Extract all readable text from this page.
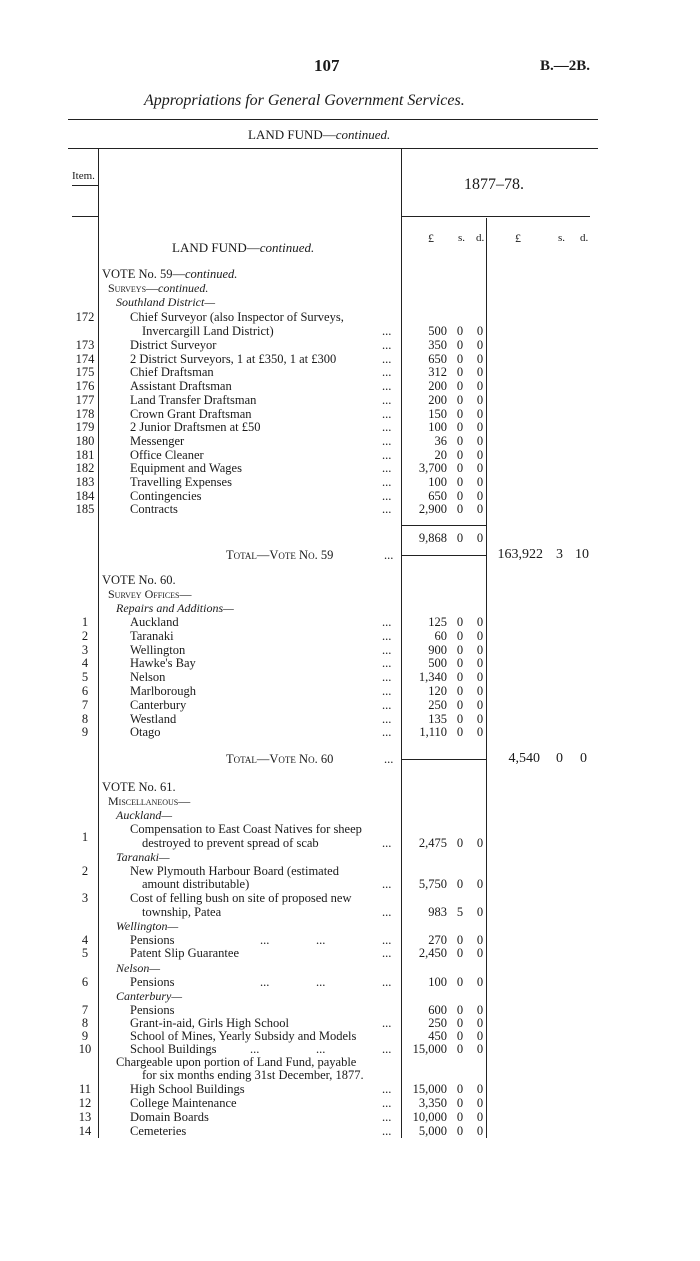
107	B.—2B.
Appropriations for General Government Services.
LAND FUND—continued.
Item.	1877–78.
£ s. d.	£	s. d.
LAND FUND—continued.
VOTE No. 59—continued.
Surveys—continued.
Southland District—
172	Chief Surveyor (also Inspector of Surveys,
Invercargill Land District)	...	500 0 0
173	District Surveyor	...	350 0 0
174	2 District Surveyors, 1 at £350, 1 at £300	...	650 0 0
175	Chief Draftsman	...	312 0 0
176	Assistant Draftsman	...	200 0 0
177	Land Transfer Draftsman	...	200 0 0
178	Crown Grant Draftsman	...	150 0 0
179	2 Junior Draftsmen at £50	...	100 0 0
180	Messenger	...	36 0 0
181	Office Cleaner	...	20 0 0
182	Equipment and Wages	... 3,700 0 0
183	Travelling Expenses	...	100 0 0
184	Contingencies	...	650 0 0
185	Contracts	... 2,900 0 0
9,868 0 0
Total—Vote No. 59	...	163,922 3 10
VOTE No. 60.
Survey Offices—
Repairs and Additions—
1	Auckland	...	125 0 0
2	Taranaki	...	60 0 0
3	Wellington	...	900 0 0
4	Hawke's Bay	...	500 0 0
5	Nelson	... 1,340 0 0
6	Marlborough	...	120 0 0
7	Canterbury	...	250 0 0
8	Westland	...	135 0 0
9	Otago	... 1,110 0 0
Total—Vote No. 60	...	4,540 0 0
VOTE No. 61.
Miscellaneous—
Auckland—
1
Compensation to East Coast Natives for sheep
destroyed to prevent spread of scab	... 2,475 0 0
Taranaki—
2	New Plymouth Harbour Board (estimated
amount distributable)	... 5,750 0 0
3	Cost of felling bush on site of proposed new
township, Patea	...	983 5 0
Wellington—
4	Pensions	...	...	...	270 0 0
5	Patent Slip Guarantee	... 2,450 0 0
Nelson—
6	Pensions	...	...	...	100 0 0
Canterbury—
7	Pensions	600 0 0
8	Grant-in-aid, Girls High School	...	250 0 0
9	School of Mines, Yearly Subsidy and Models	450 0 0
10	School Buildings	...	...	... 15,000 0 0
Chargeable upon portion of Land Fund, payable
for six months ending 31st December, 1877.
11	High School Buildings	... 15,000 0 0
12	College Maintenance	... 3,350 0 0
13	Domain Boards	... 10,000 0 0
14	Cemeteries	... 5,000 0 0
